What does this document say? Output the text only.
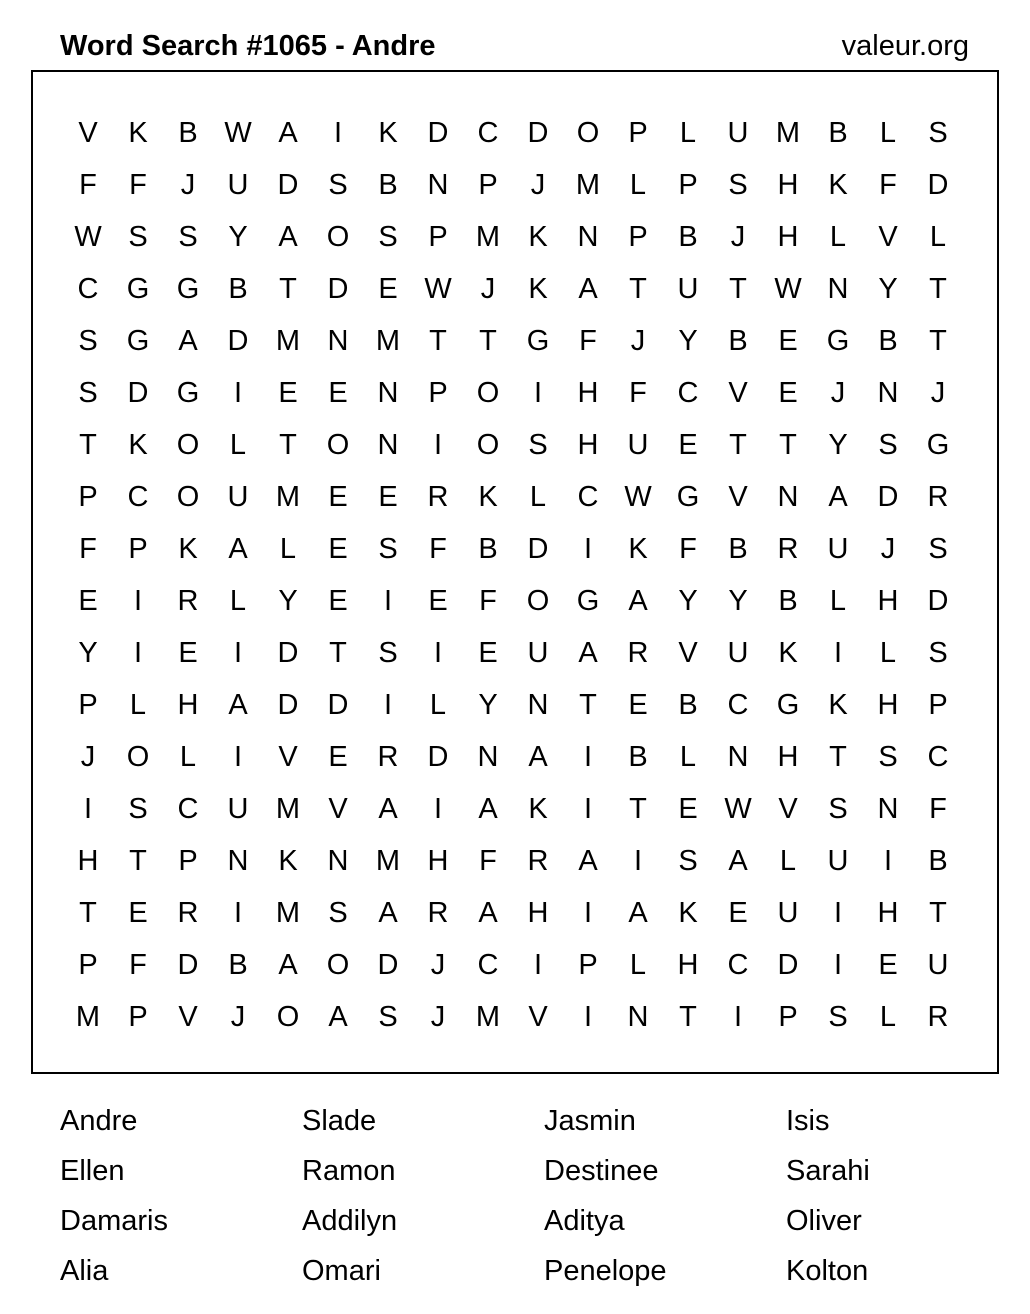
Word Search #1065 - Andre	valeur.org
V	K	B W A	I	K	D	C	D O	P	L	U M B	L	S
F	F	J	U	D	S	B	N	P	J	M	L	P	S	H	K	F	D
W S	S	Y	A	O	S	P M K	N	P	B	J	H	L	V	L
C G G	B	T	D	E W	J	K	A	T	U	T W N	Y	T
S	G	A	D M N M	T	T	G	F	J	Y	B	E	G	B	T
S	D G	I	E	E	N	P	O	I	H	F	C	V	E	J	N	J
T	K	O	L	T	O N	I	O	S	H	U	E	T	T	Y	S	G
P	C O U M E	E	R	K	L	C W G	V	N	A	D	R
F	P	K	A	L	E	S	F	B	D	I	K	F	B	R	U	J	S
E	I	R	L	Y	E	I	E	F	O G	A	Y	Y	B	L	H	D
Y	I	E	I	D	T	S	I	E	U	A	R	V	U	K	I	L	S
P	L	H	A	D	D	I	L	Y	N	T	E	B	C G	K	H	P
J	O	L	I	V	E	R	D	N	A	I	B	L	N	H	T	S	C
I	S	C	U M V	A	I	A	K	I	T	E W V	S	N	F
H	T	P	N	K	N M H	F	R	A	I	S	A	L	U	I	B
T	E	R	I	M S	A	R	A	H	I	A	K	E	U	I	H	T
P	F	D	B	A	O D	J	C	I	P	L	H	C	D	I	E	U
M P	V	J	O	A	S	J	M V	I	N	T	I	P	S	L	R
Andre	Slade	Jasmin	Isis
Ellen	Ramon	Destinee	Sarahi
Damaris	Addilyn	Aditya	Oliver
Alia	Omari	Penelope	Kolton
